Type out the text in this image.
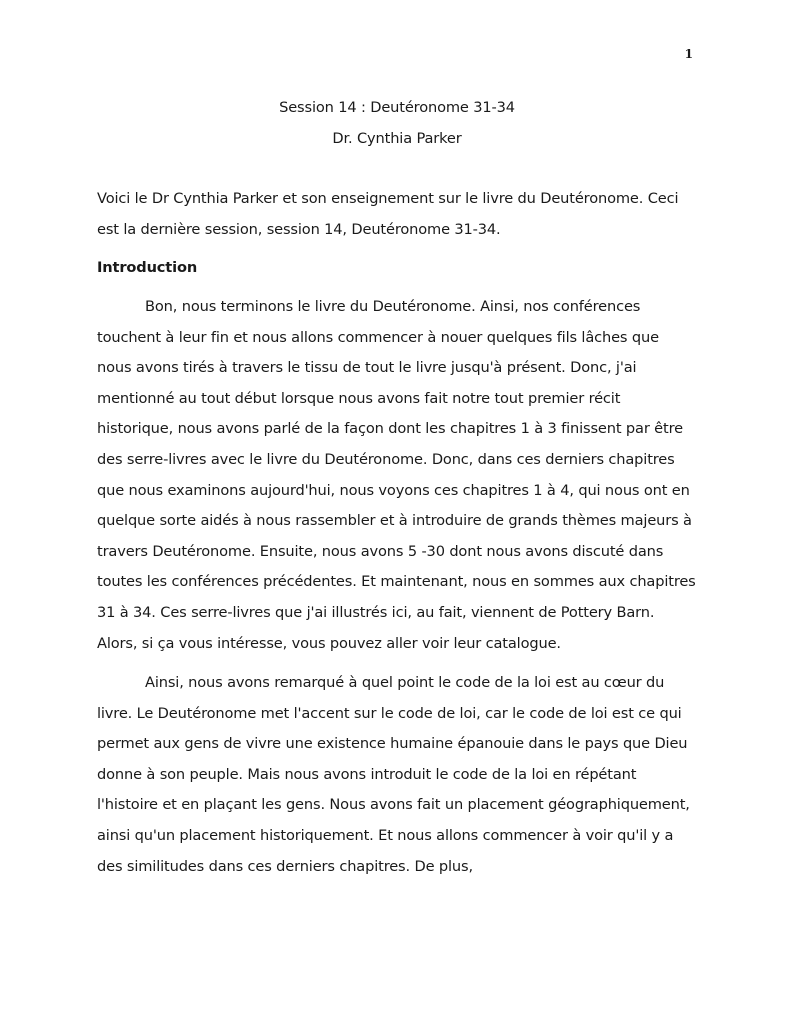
1

Session 14 : Deutéronome 31-34

Dr. Cynthia Parker

Voici le Dr Cynthia Parker et son enseignement sur le livre du Deutéronome. Ceci est la dernière session, session 14, Deutéronome 31-34.

Introduction

Bon, nous terminons le livre du Deutéronome. Ainsi, nos conférences touchent à leur fin et nous allons commencer à nouer quelques fils lâches que nous avons tirés à travers le tissu de tout le livre jusqu'à présent. Donc, j'ai mentionné au tout début lorsque nous avons fait notre tout premier récit historique, nous avons parlé de la façon dont les chapitres 1 à 3 finissent par être des serre-livres avec le livre du Deutéronome. Donc, dans ces derniers chapitres que nous examinons aujourd'hui, nous voyons ces chapitres 1 à 4, qui nous ont en quelque sorte aidés à nous rassembler et à introduire de grands thèmes majeurs à travers Deutéronome. Ensuite, nous avons 5 -30 dont nous avons discuté dans toutes les conférences précédentes. Et maintenant, nous en sommes aux chapitres 31 à 34. Ces serre-livres que j'ai illustrés ici, au fait, viennent de Pottery Barn. Alors, si ça vous intéresse, vous pouvez aller voir leur catalogue.

Ainsi, nous avons remarqué à quel point le code de la loi est au cœur du livre. Le Deutéronome met l'accent sur le code de loi, car le code de loi est ce qui permet aux gens de vivre une existence humaine épanouie dans le pays que Dieu donne à son peuple. Mais nous avons introduit le code de la loi en répétant l'histoire et en plaçant les gens. Nous avons fait un placement géographiquement, ainsi qu'un placement historiquement. Et nous allons commencer à voir qu'il y a des similitudes dans ces derniers chapitres. De plus,
